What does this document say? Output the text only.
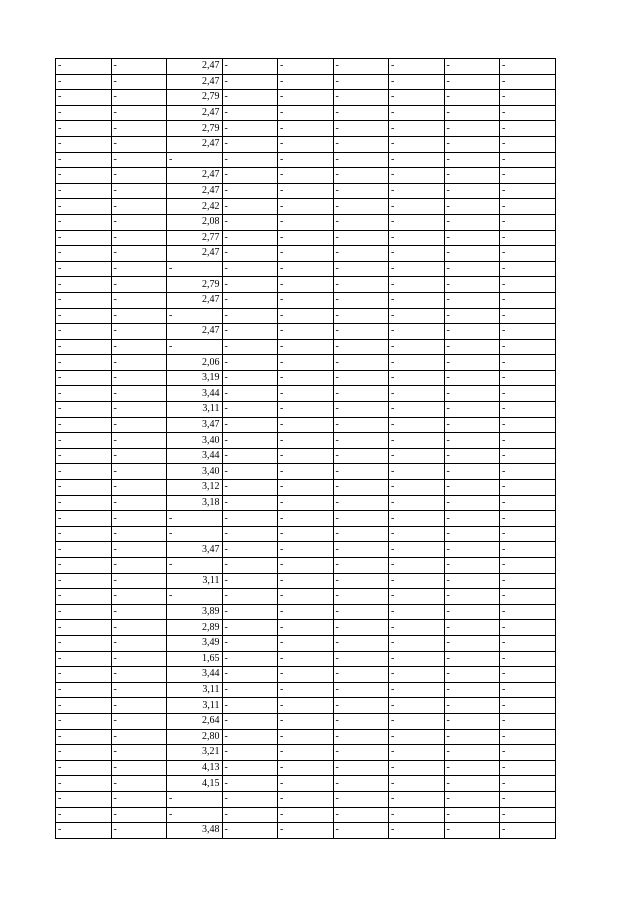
-	-	2,47	-	-	-	-	-	-
-	-	2,47	-	-	-	-	-	-
-	-	2,79	-	-	-	-	-	-
-	-	2,47	-	-	-	-	-	-
-	-	2,79	-	-	-	-	-	-
-	-	2,47	-	-	-	-	-	-
-	-	-	-	-	-	-	-	-
-	-	2,47	-	-	-	-	-	-
-	-	2,47	-	-	-	-	-	-
-	-	2,42	-	-	-	-	-	-
-	-	2,08	-	-	-	-	-	-
-	-	2,77	-	-	-	-	-	-
-	-	2,47	-	-	-	-	-	-
-	-	-	-	-	-	-	-	-
-	-	2,79	-	-	-	-	-	-
-	-	2,47	-	-	-	-	-	-
-	-	-	-	-	-	-	-	-
-	-	2,47	-	-	-	-	-	-
-	-	-	-	-	-	-	-	-
-	-	2,06	-	-	-	-	-	-
-	-	3,19	-	-	-	-	-	-
-	-	3,44	-	-	-	-	-	-
-	-	3,11	-	-	-	-	-	-
-	-	3,47	-	-	-	-	-	-
-	-	3,40	-	-	-	-	-	-
-	-	3,44	-	-	-	-	-	-
-	-	3,40	-	-	-	-	-	-
-	-	3,12	-	-	-	-	-	-
-	-	3,18	-	-	-	-	-	-
-	-	-	-	-	-	-	-	-
-	-	-	-	-	-	-	-	-
-	-	3,47	-	-	-	-	-	-
-	-	-	-	-	-	-	-	-
-	-	3,11	-	-	-	-	-	-
-	-	-	-	-	-	-	-	-
-	-	3,89	-	-	-	-	-	-
-	-	2,89	-	-	-	-	-	-
-	-	3,49	-	-	-	-	-	-
-	-	1,65	-	-	-	-	-	-
-	-	3,44	-	-	-	-	-	-
-	-	3,11	-	-	-	-	-	-
-	-	3,11	-	-	-	-	-	-
-	-	2,64	-	-	-	-	-	-
-	-	2,80	-	-	-	-	-	-
-	-	3,21	-	-	-	-	-	-
-	-	4,13	-	-	-	-	-	-
-	-	4,15	-	-	-	-	-	-
-	-	-	-	-	-	-	-	-
-	-	-	-	-	-	-	-	-
-	-	3,48	-	-	-	-	-	-
